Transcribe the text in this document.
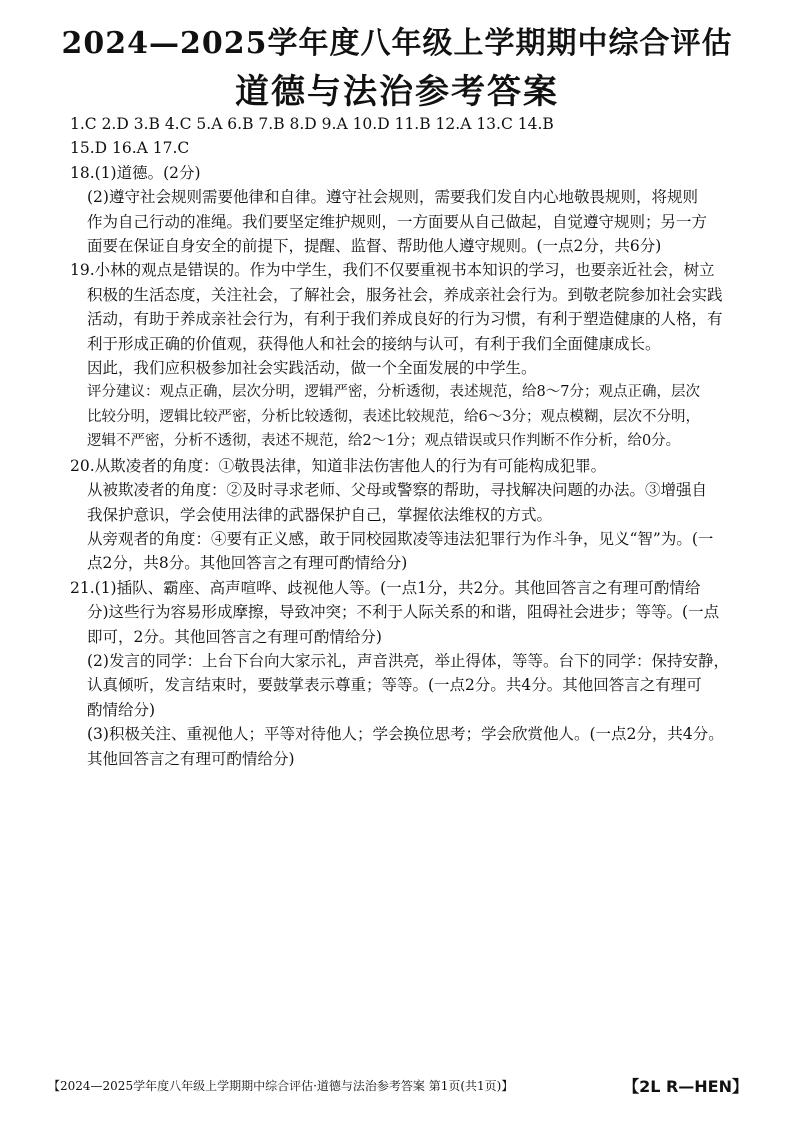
2024—2025学年度八年级上学期期中综合评估
道德与法治参考答案
1.C 2.D 3.B 4.C 5.A 6.B 7.B 8.D 9.A 10.D 11.B 12.A 13.C 14.B
15.D 16.A 17.C
18.(1)道德。(2分)
(2)遵守社会规则需要他律和自律。遵守社会规则，需要我们发自内心地敬畏规则，将规则
作为自己行动的准绳。我们要坚定维护规则，一方面要从自己做起，自觉遵守规则；另一方
面要在保证自身安全的前提下，提醒、监督、帮助他人遵守规则。(一点2分，共6分)
19.小林的观点是错误的。作为中学生，我们不仅要重视书本知识的学习，也要亲近社会，树立
积极的生活态度，关注社会，了解社会，服务社会，养成亲社会行为。到敬老院参加社会实践
活动，有助于养成亲社会行为，有利于我们养成良好的行为习惯，有利于塑造健康的人格，有
利于形成正确的价值观，获得他人和社会的接纳与认可，有利于我们全面健康成长。
因此，我们应积极参加社会实践活动，做一个全面发展的中学生。
评分建议：观点正确，层次分明，逻辑严密，分析透彻，表述规范，给8～7分；观点正确，层次
比较分明，逻辑比较严密，分析比较透彻，表述比较规范，给6～3分；观点模糊，层次不分明，
逻辑不严密，分析不透彻，表述不规范，给2～1分；观点错误或只作判断不作分析，给0分。
20.从欺凌者的角度：①敬畏法律，知道非法伤害他人的行为有可能构成犯罪。
从被欺凌者的角度：②及时寻求老师、父母或警察的帮助，寻找解决问题的办法。③增强自
我保护意识，学会使用法律的武器保护自己，掌握依法维权的方式。
从旁观者的角度：④要有正义感，敢于同校园欺凌等违法犯罪行为作斗争，见义“智”为。(一
点2分，共8分。其他回答言之有理可酌情给分)
21.(1)插队、霸座、高声喧哗、歧视他人等。(一点1分，共2分。其他回答言之有理可酌情给
分)这些行为容易形成摩擦，导致冲突；不利于人际关系的和谐，阻碍社会进步；等等。(一点
即可，2分。其他回答言之有理可酌情给分)
(2)发言的同学：上台下台向大家示礼，声音洪亮，举止得体，等等。台下的同学：保持安静，
认真倾听，发言结束时，要鼓掌表示尊重；等等。(一点2分。共4分。其他回答言之有理可
酌情给分)
(3)积极关注、重视他人；平等对待他人；学会换位思考；学会欣赏他人。(一点2分，共4分。
其他回答言之有理可酌情给分)
【2024—2025学年度八年级上学期期中综合评估·道德与法治参考答案 第1页(共1页)】	【2L R—HEN】
